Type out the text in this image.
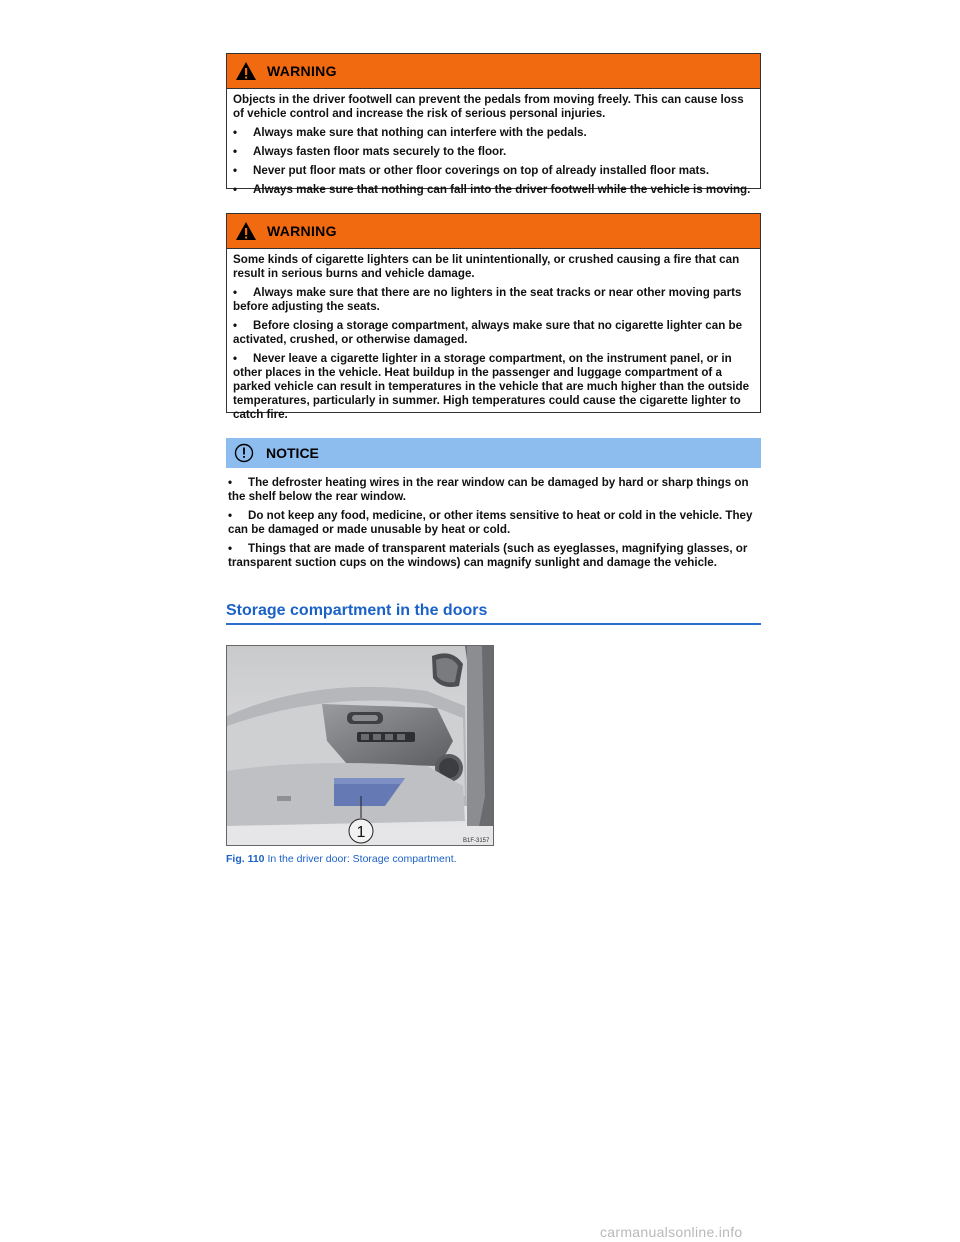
WARNING

Objects in the driver footwell can prevent the pedals from moving freely. This can cause loss of vehicle control and increase the risk of serious personal injuries.

•	Always make sure that nothing can interfere with the pedals.
•	Always fasten floor mats securely to the floor.
•	Never put floor mats or other floor coverings on top of already installed floor mats.
•	Always make sure that nothing can fall into the driver footwell while the vehicle is moving.
WARNING

Some kinds of cigarette lighters can be lit unintentionally, or crushed causing a fire that can result in serious burns and vehicle damage.

• Always make sure that there are no lighters in the seat tracks or near other moving parts before adjusting the seats.
• Before closing a storage compartment, always make sure that no cigarette lighter can be activated, crushed, or otherwise damaged.
• Never leave a cigarette lighter in a storage compartment, on the instrument panel, or in other places in the vehicle. Heat buildup in the passenger and luggage compartment of a parked vehicle can result in temperatures in the vehicle that are much higher than the outside temperatures, particularly in summer. High temperatures could cause the cigarette lighter to catch fire.
NOTICE
• The defroster heating wires in the rear window can be damaged by hard or sharp things on the shelf below the rear window.
• Do not keep any food, medicine, or other items sensitive to heat or cold in the vehicle. They can be damaged or made unusable by heat or cold.
• Things that are made of transparent materials (such as eyeglasses, magnifying glasses, or transparent suction cups on the windows) can magnify sunlight and damage the vehicle.
Storage compartment in the doors
1	B1F-3157
Fig. 110 In the driver door: Storage compartment.
carmanualsonline.info
